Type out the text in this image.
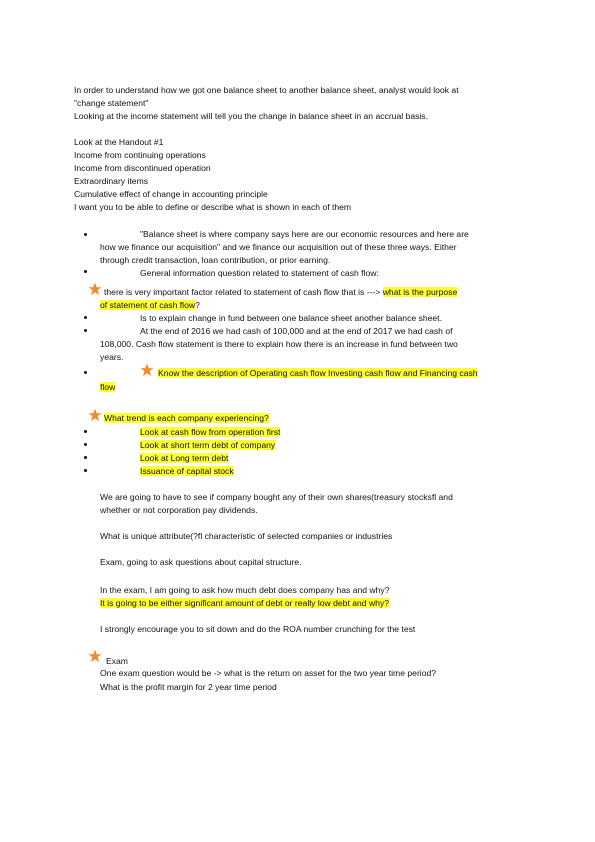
In order to understand how we got one balance sheet to another balance sheet, analyst would look at

"change statement"

Looking at the income statement will tell you the change in balance sheet in an accrual basis.

Look at the Handout #1

Income from continuing operations

Income from discontinued operation

Extraordinary items

Cumulative effect of change in accounting principle

I want you to be able to define or describe what is shown in each of them

"Balance sheet is where company says here are our economic resources and here are

how we finance our acquisition" and we finance our acquisition out of these three ways. Either

through credit transaction, loan contribution, or prior earning.

General information question related to statement of cash flow:

there is very important factor related to statement of cash flow that is ---> what is the purpose

of statement of cash flow?

Is to explain change in fund between one balance sheet another balance sheet.

At the end of 2016 we had cash of 100,000 and at the end of 2017 we had cash of

108,000. Cash flow statement is there to explain how there is an increase in fund between two

years.

Know the description of Operating cash flow Investing cash flow and Financing cash

flow

What trend is each company experiencing?

Look at cash flow from operation first

Look at short term debt of company

Look at Long term debt

Issuance of capital stock

We are going to have to see if company bought any of their own shares(treasury stocksfl and

whether or not corporation pay dividends.

What is unique attribute(?fl characteristic of selected companies or industries

Exam, going to ask questions about capital structure.

In the exam, I am going to ask how much debt does company has and why?

It is going to be either significant amount of debt or really low debt and why?

I strongly encourage you to sit down and do the ROA number crunching for the test

Exam

One exam question would be -> what is the return on asset for the two year time period?

What is the profit margin for 2 year time period
